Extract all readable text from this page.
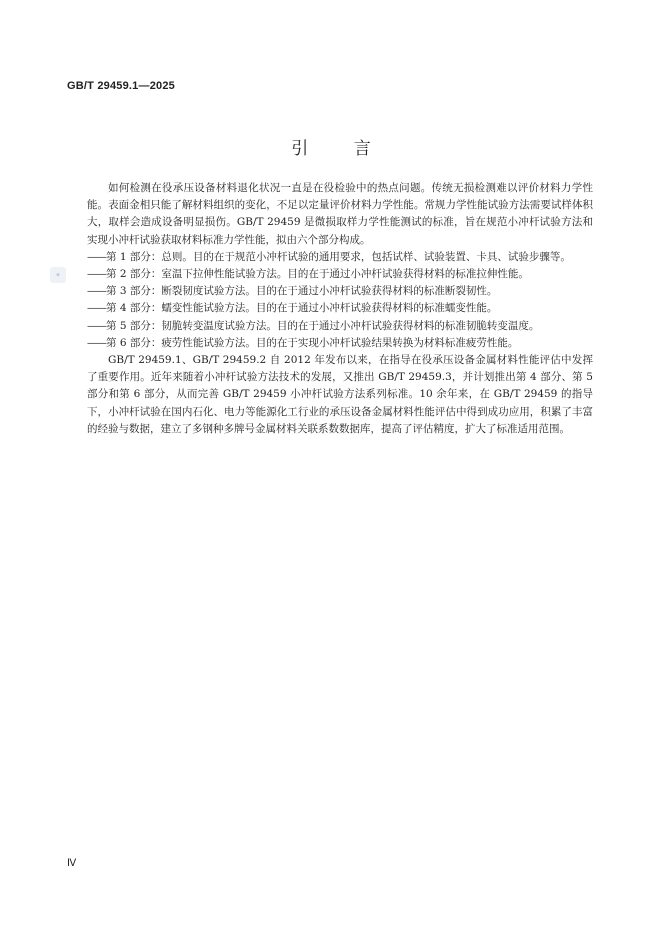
GB/T 29459.1—2025
引 言
◆

如何检测在役承压设备材料退化状况一直是在役检验中的热点问题。传统无损检测难以评价材料力学性能。表面金相只能了解材料组织的变化，不足以定量评价材料力学性能。常规力学性能试验方法需要试样体积大，取样会造成设备明显损伤。GB/T 29459 是微损取样力学性能测试的标准，旨在规范小冲杆试验方法和实现小冲杆试验获取材料标准力学性能，拟由六个部分构成。

——第 1 部分：总则。目的在于规范小冲杆试验的通用要求，包括试样、试验装置、卡具、试验步骤等。

——第 2 部分：室温下拉伸性能试验方法。目的在于通过小冲杆试验获得材料的标准拉伸性能。

——第 3 部分：断裂韧度试验方法。目的在于通过小冲杆试验获得材料的标准断裂韧性。

——第 4 部分：蠕变性能试验方法。目的在于通过小冲杆试验获得材料的标准蠕变性能。

——第 5 部分：韧脆转变温度试验方法。目的在于通过小冲杆试验获得材料的标准韧脆转变温度。

——第 6 部分：疲劳性能试验方法。目的在于实现小冲杆试验结果转换为材料标准疲劳性能。

GB/T 29459.1、GB/T 29459.2 自 2012 年发布以来，在指导在役承压设备金属材料性能评估中发挥了重要作用。近年来随着小冲杆试验方法技术的发展，又推出 GB/T 29459.3，并计划推出第 4 部分、第 5 部分和第 6 部分，从而完善 GB/T 29459 小冲杆试验方法系列标准。10 余年来，在 GB/T 29459 的指导下，小冲杆试验在国内石化、电力等能源化工行业的承压设备金属材料性能评估中得到成功应用，积累了丰富的经验与数据，建立了多钢种多牌号金属材料关联系数数据库，提高了评估精度，扩大了标准适用范围。

Ⅳ
